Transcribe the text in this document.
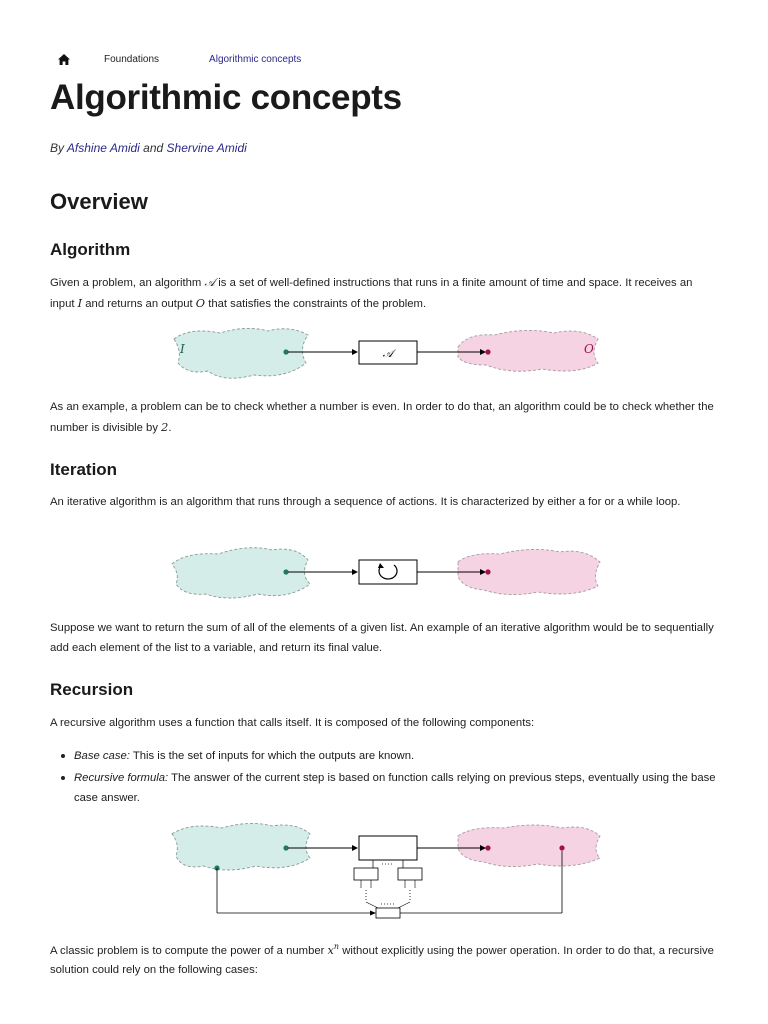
Foundations	Algorithmic concepts
Algorithmic concepts
By Afshine Amidi and Shervine Amidi
Overview
Algorithm

Given a problem, an algorithm 𝒜 is a set of well-defined instructions that runs in a finite amount of time and space. It receives an input I and returns an output O that satisfies the constraints of the problem.

I	O
𝒜

As an example, a problem can be to check whether a number is even. In order to do that, an algorithm could be to check whether the number is divisible by 2.

Iteration

An iterative algorithm is an algorithm that runs through a sequence of actions. It is characterized by either a for or a while loop.

Suppose we want to return the sum of all of the elements of a given list. An example of an iterative algorithm would be to sequentially add each element of the list to a variable, and return its final value.

Recursion

A recursive algorithm uses a function that calls itself. It is composed of the following components:

Base case: This is the set of inputs for which the outputs are known.
Recursive formula: The answer of the current step is based on function calls relying on previous steps, eventually using the base case answer.

A classic problem is to compute the power of a number $x^n$ without explicitly using the power operation. In order to do that, a recursive solution could rely on the following cases:
